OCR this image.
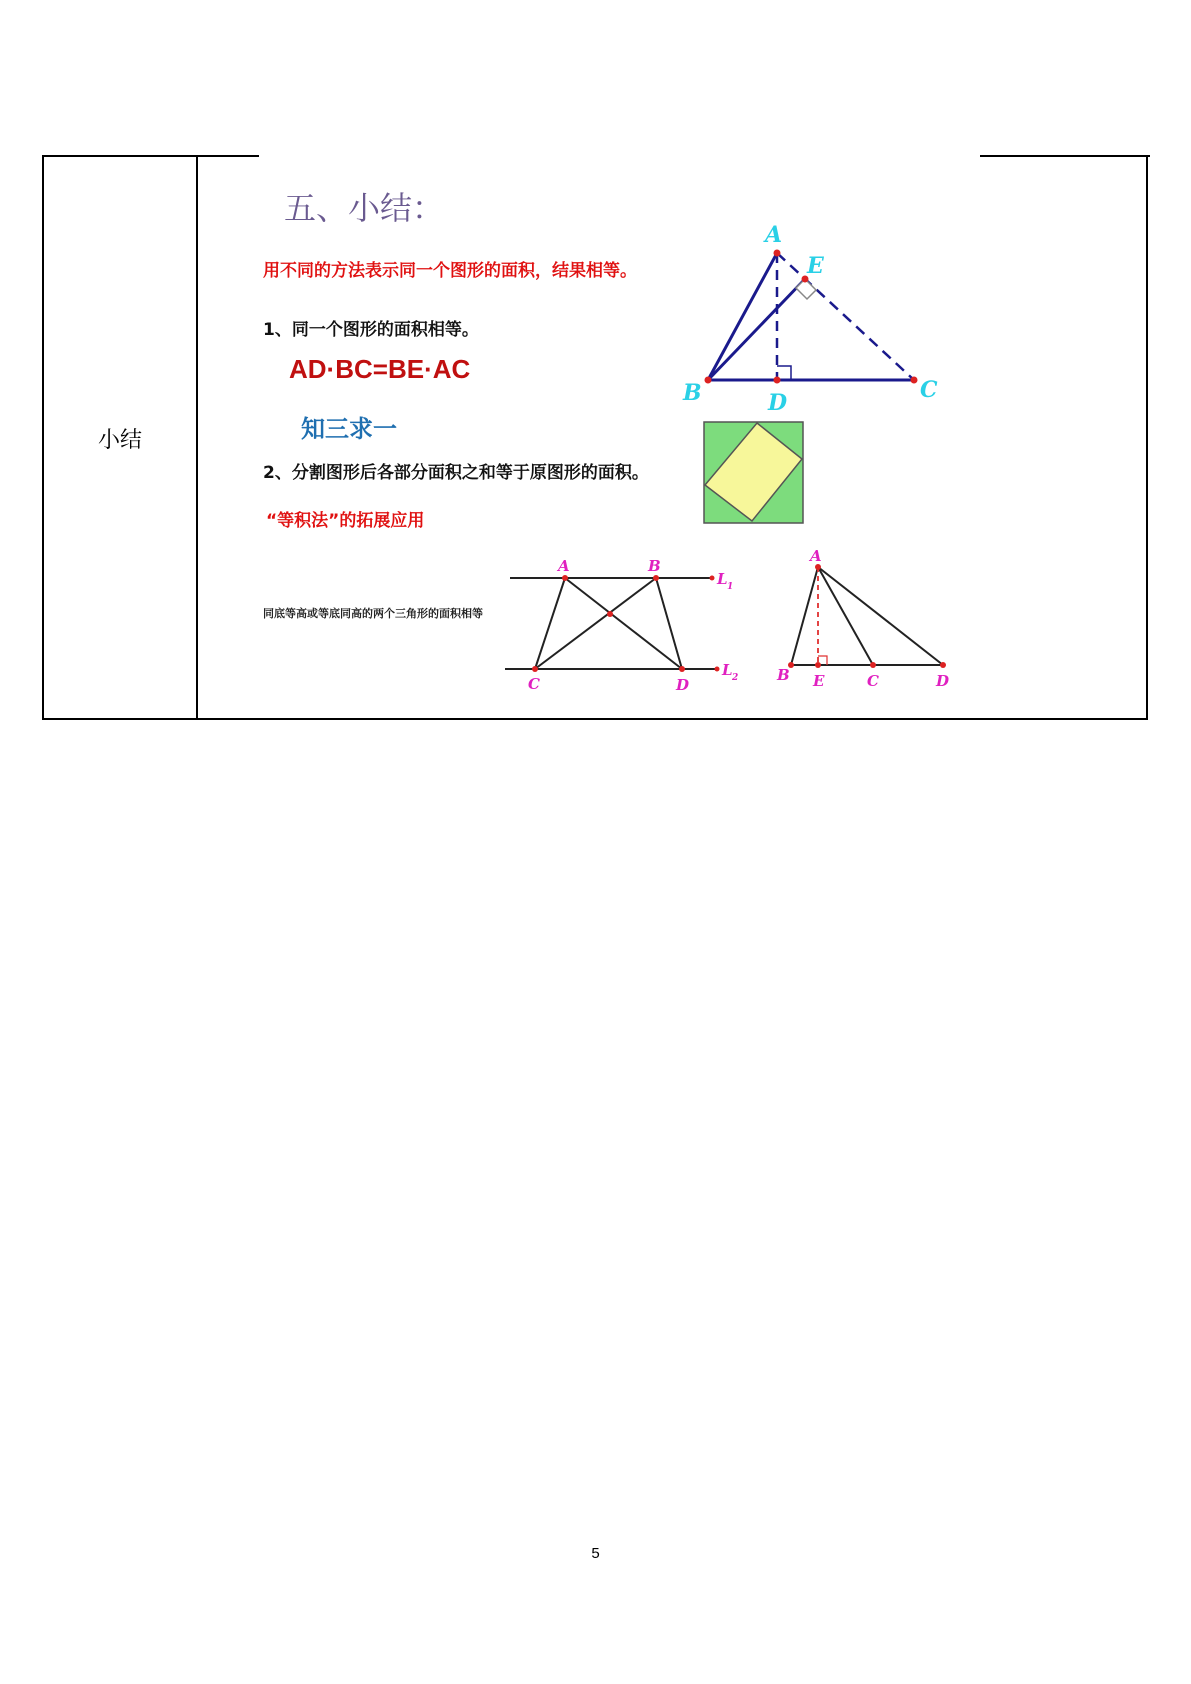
小结
五、小结：
用不同的方法表示同一个图形的面积，结果相等。
1、同一个图形的面积相等。
AD·BC=BE·AC
知三求一
2、分割图形后各部分面积之和等于原图形的面积。
“等积法”的拓展应用
同底等高或等底同高的两个三角形的面积相等
A
E
B	C
D
A	B
C	D
L 1
L 2
A
B E	C	D
5
